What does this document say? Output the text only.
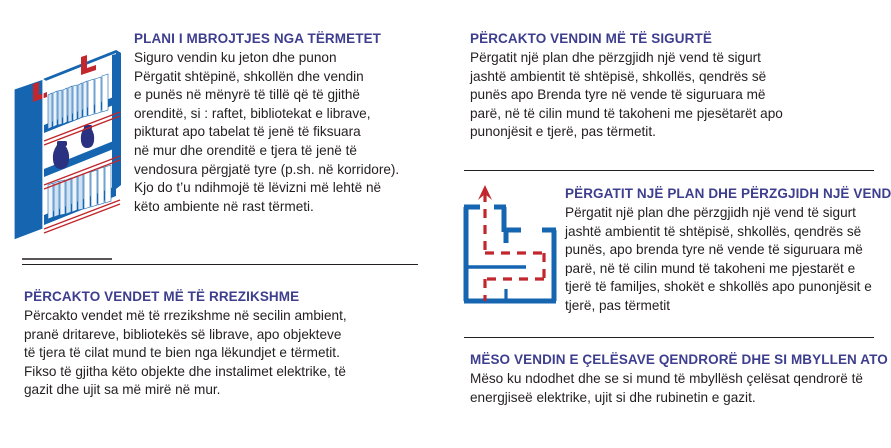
PLANI I MBROJTJES NGA TËRMETET

Siguro vendin ku jeton dhe punon
Përgatit shtëpinë, shkollën dhe vendin
e punës në mënyrë të tillë që të gjithë
orenditë, si : raftet, bibliotekat e librave,
pikturat apo tabelat të jenë të fiksuara
në mur dhe orenditë e tjera të jenë të
vendosura përgjatë tyre (p.sh. në korridore).
Kjo do t’u ndihmojë të lëvizni më lehtë në
këto ambiente në rast tërmeti.

PËRCAKTO VENDET MË TË RREZIKSHME

Përcakto vendet më të rrezikshme në secilin ambient,
pranë dritareve, bibliotekës së librave, apo objekteve
të tjera të cilat mund te bien nga lëkundjet e tërmetit.
Fikso të gjitha këto objekte dhe instalimet elektrike, të
gazit dhe ujit sa më mirë në mur.

PËRCAKTO VENDIN MË TË SIGURTË

Përgatit një plan dhe përzgjidh një vend të sigurt
jashtë ambientit të shtëpisë, shkollës, qendrës së
punës apo Brenda tyre në vende të siguruara më
parë, në të cilin mund të takoheni me pjesëtarët apo
punonjësit e tjerë, pas tërmetit.

PËRGATIT NJË PLAN DHE PËRZGJIDH NJË VEND

Përgatit një plan dhe përzgjidh një vend të sigurt
jashtë ambientit të shtëpisë, shkollës, qendrës së
punës, apo brenda tyre në vende të siguruara më
parë, në të cilin mund të takoheni me pjestarët e
tjerë të familjes, shokët e shkollës apo punonjësit e
tjerë, pas tërmetit

MËSO VENDIN E ÇELËSAVE QENDRORË DHE SI MBYLLEN ATO

Mëso ku ndodhet dhe se si mund të mbyllësh çelësat qendrorë të
energjiseë elektrike, ujit si dhe rubinetin e gazit.
